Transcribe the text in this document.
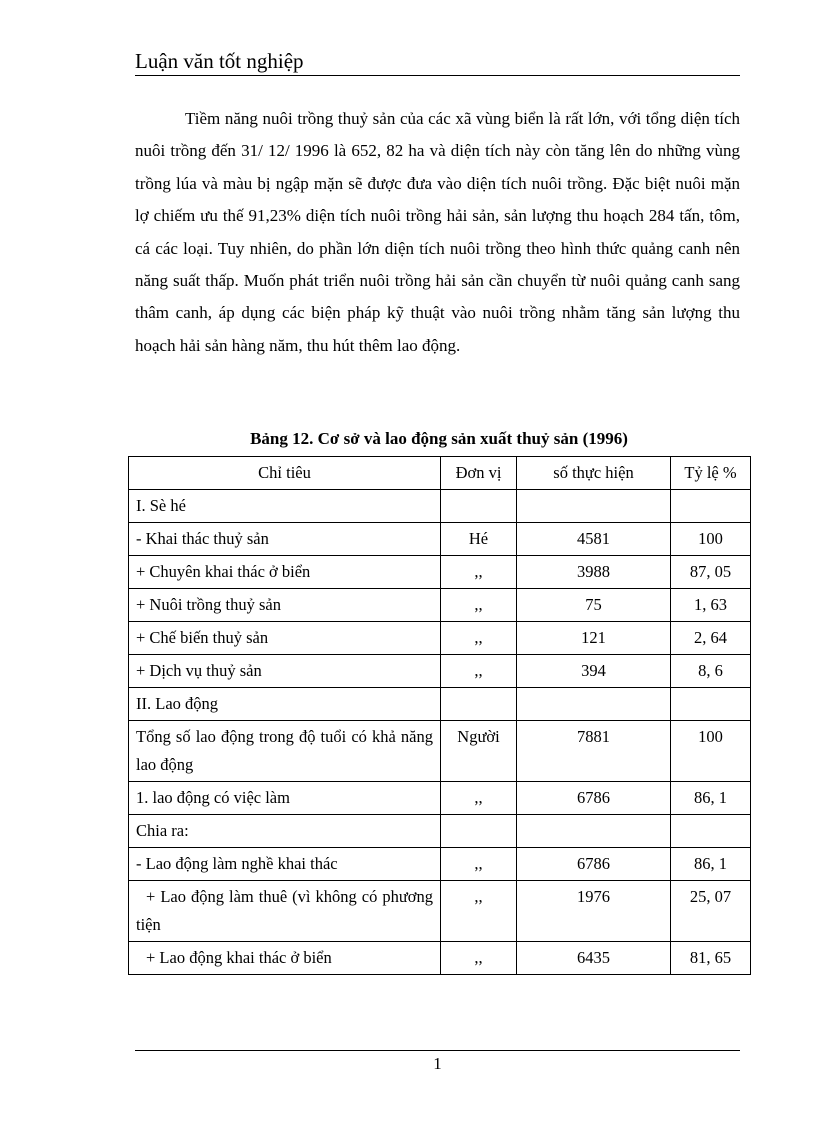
Luận văn tốt nghiệp

Tiềm năng nuôi trồng thuỷ sản của các xã vùng biển là rất lớn, với tổng diện tích nuôi trồng đến 31/ 12/ 1996 là 652, 82 ha và diện tích này còn tăng lên do những vùng trồng lúa và màu bị ngập mặn sẽ được đưa vào diện tích nuôi trồng. Đặc biệt nuôi mặn lợ chiếm ưu thế 91,23% diện tích nuôi trồng hải sản, sản lượng thu hoạch 284 tấn, tôm, cá các loại. Tuy nhiên, do phần lớn diện tích nuôi trồng theo hình thức quảng canh nên năng suất thấp. Muốn phát triển nuôi trồng hải sản cần chuyển từ nuôi quảng canh sang thâm canh, áp dụng các biện pháp kỹ thuật vào nuôi trồng nhằm tăng sản lượng thu hoạch hải sản hàng năm, thu hút thêm lao động.

Bảng 12. Cơ sở và lao động sản xuất thuỷ sản (1996)
Chỉ tiêu	Đơn vị	số thực hiện	Tỷ lệ %
I. Sè hé			
- Khai thác thuỷ sản	Hé	4581	100
+ Chuyên khai thác ở biển	,,	3988	87, 05
+ Nuôi trồng thuỷ sản	,,	75	1, 63
+ Chế biến thuỷ sản	,,	121	2, 64
+ Dịch vụ thuỷ sản	,,	394	8, 6
II. Lao động			
Tổng số lao động trong độ tuổi có khả năng lao động	Người	7881	100
1. lao động có việc làm	,,	6786	86, 1
Chia ra:			
- Lao động làm nghề khai thác	,,	6786	86, 1
+ Lao động làm thuê (vì không có phương tiện	,,	1976	25, 07
+ Lao động khai thác ở biển	,,	6435	81, 65
1
